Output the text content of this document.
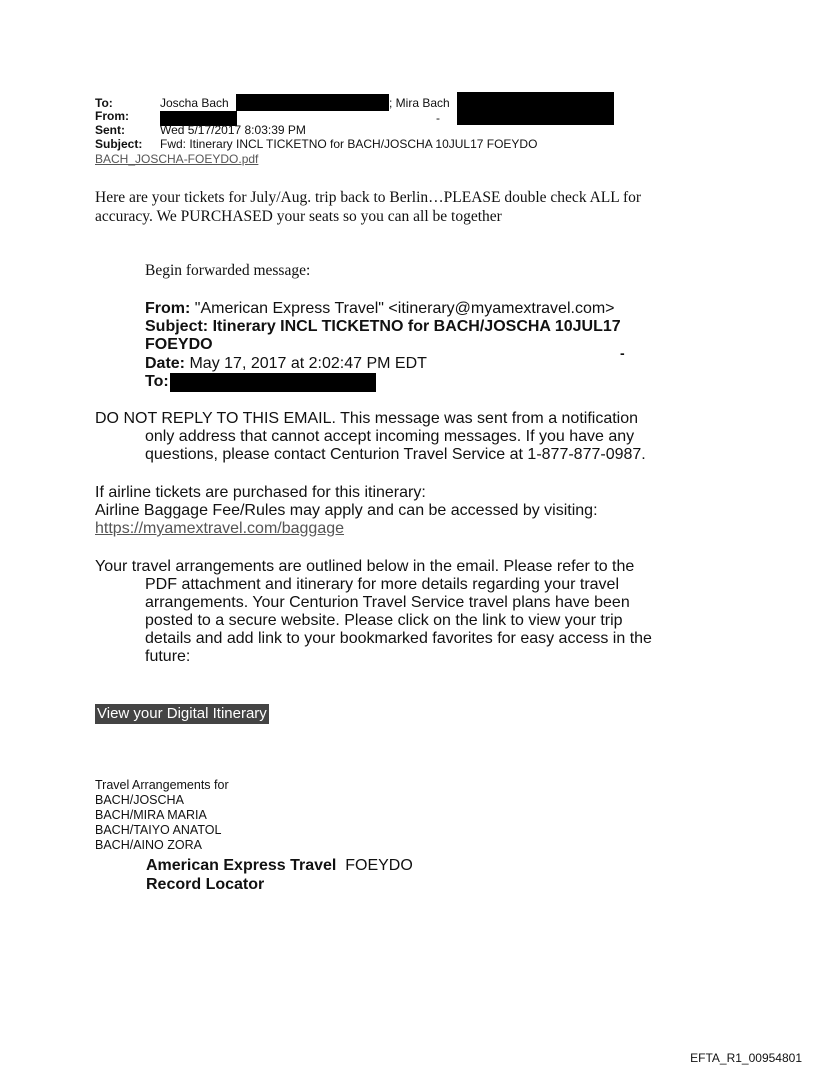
To:	Joscha Bach	; Mira Bach
From:	-
Sent:	Wed 5/17/2017 8:03:39 PM
Subject: Fwd: Itinerary INCL TICKETNO for BACH/JOSCHA 10JUL17 FOEYDO
BACH_JOSCHA-FOEYDO.pdf
Here are your tickets for July/Aug. trip back to Berlin…PLEASE double check ALL for accuracy. We PURCHASED your seats so you can all be together
Begin forwarded message:
From: "American Express Travel" <itinerary@myamextravel.com>
Subject: Itinerary INCL TICKETNO for BACH/JOSCHA 10JUL17
FOEYDO
Date: May 17, 2017 at 2:02:47 PM EDT
-
To:
DO NOT REPLY TO THIS EMAIL. This message was sent from a notification
only address that cannot accept incoming messages. If you have any
questions, please contact Centurion Travel Service at 1-877-877-0987.
If airline tickets are purchased for this itinerary:
Airline Baggage Fee/Rules may apply and can be accessed by visiting:
https://myamextravel.com/baggage
Your travel arrangements are outlined below in the email. Please refer to the
PDF attachment and itinerary for more details regarding your travel
arrangements. Your Centurion Travel Service travel plans have been
posted to a secure website. Please click on the link to view your trip
details and add link to your bookmarked favorites for easy access in the
future:
View your Digital Itinerary
Travel Arrangements for
BACH/JOSCHA
BACH/MIRA MARIA
BACH/TAIYO ANATOL
BACH/AINO ZORA
American Express Travel FOEYDO
Record Locator
EFTA_R1_00954801
